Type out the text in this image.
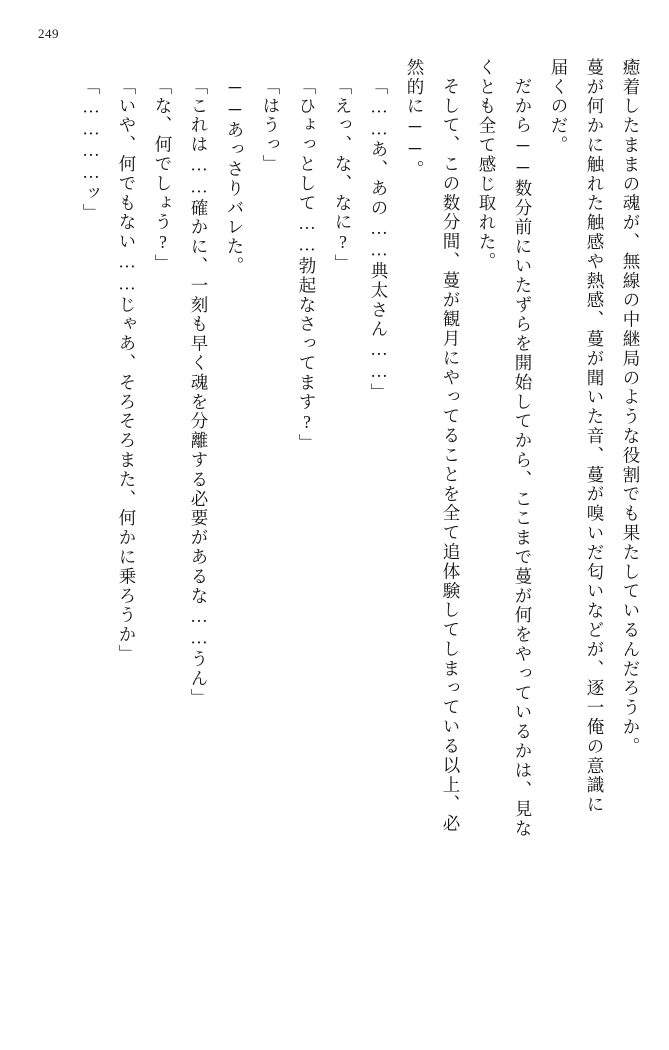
249
癒着したままの魂が、無線の中継局のような役割でも果たしているんだろうか。
蔓が何かに触れた触感や熱感、蔓が聞いた音、蔓が嗅いだ匂いなどが、逐一俺の意識に
届くのだ。
だから──数分前にいたずらを開始してから、ここまで蔓が何をやっているかは、見な
くとも全て感じ取れた。
そして、この数分間、蔓が観月にやってることを全て追体験してしまっている以上、必
然的に──。
「……あ、あの……典太さん……」
「えっ、な、なに?」
「ひょっとして……勃起なさってます?」
「はうっ」
──あっさりバレた。
「これは……確かに、一刻も早く魂を分離する必要があるな……うん」
「な、何でしょう?」
「いや、何でもない……じゃあ、そろそろまた、何かに乗ろうか」
「…………ッ」
